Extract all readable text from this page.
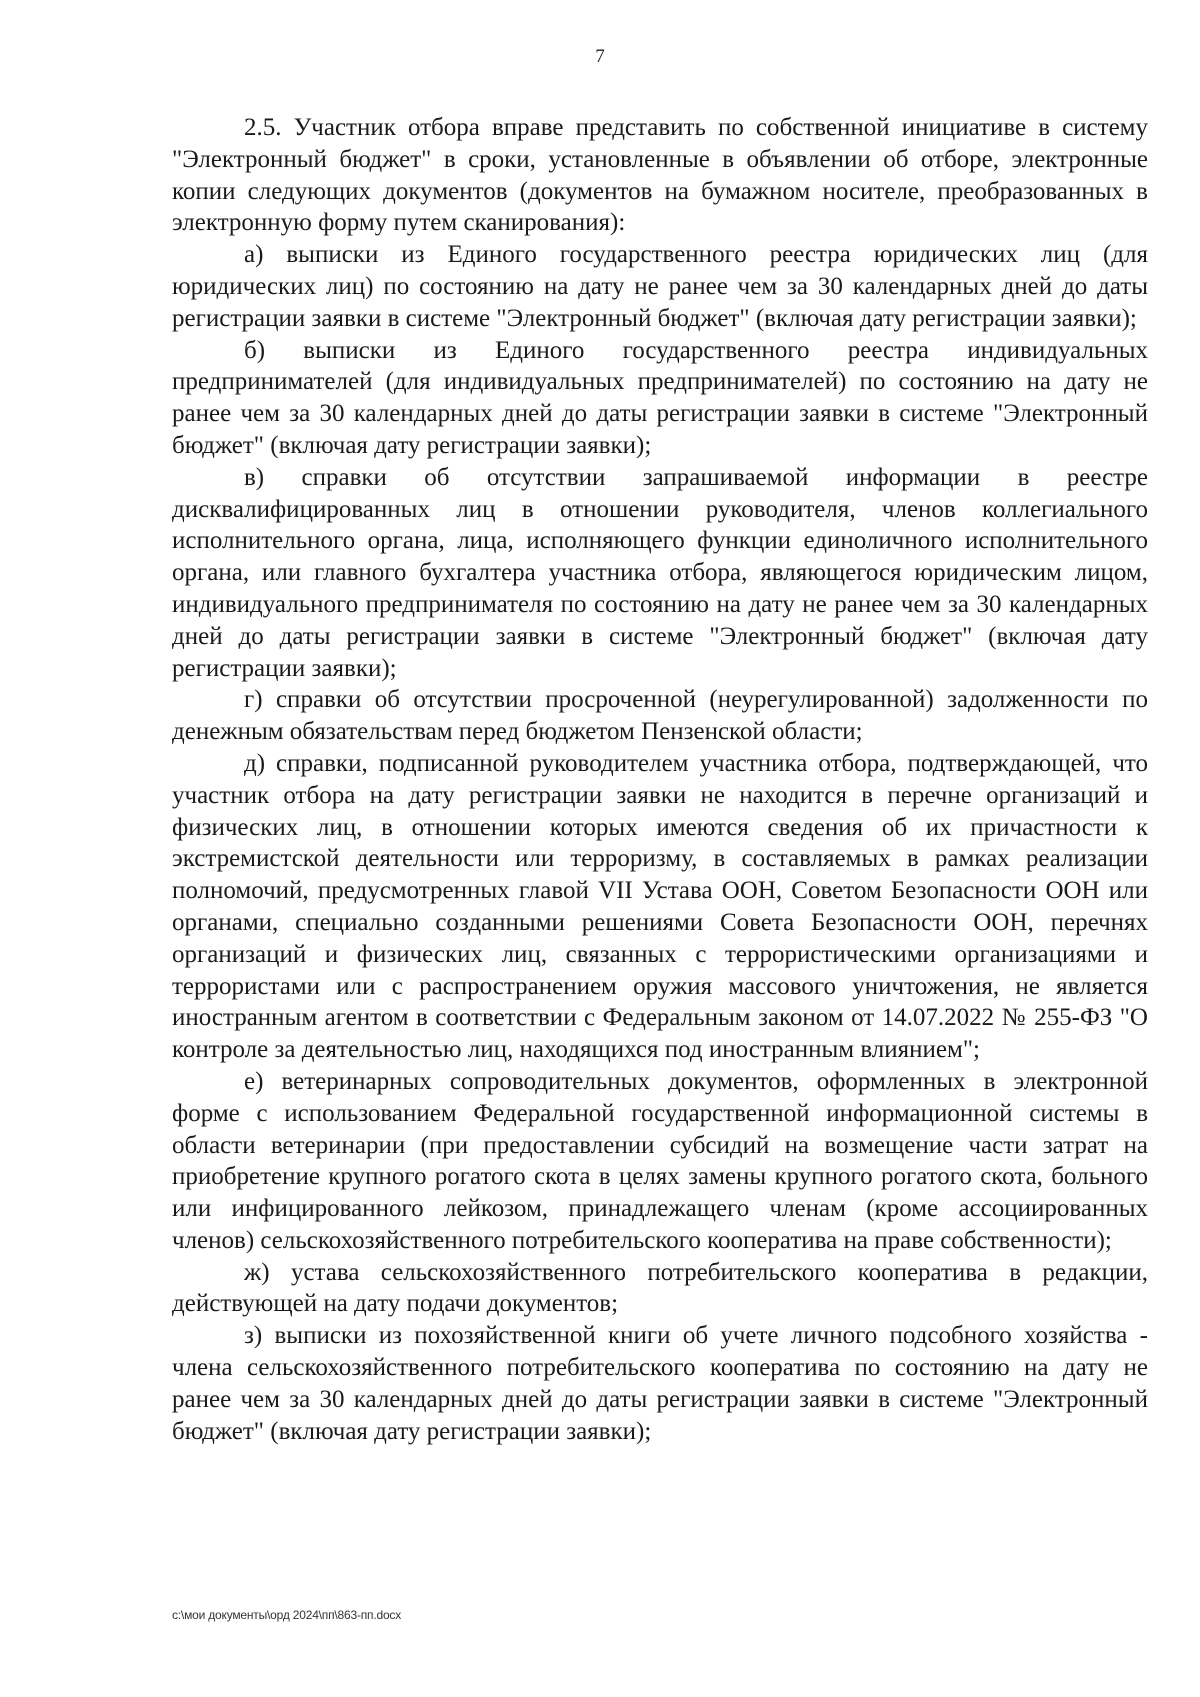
7

2.5. Участник отбора вправе представить по собственной инициативе в систему "Электронный бюджет" в сроки, установленные в объявлении об отборе, электронные копии следующих документов (документов на бумажном носителе, преобразованных в электронную форму путем сканирования):

а) выписки из Единого государственного реестра юридических лиц (для юридических лиц) по состоянию на дату не ранее чем за 30 календарных дней до даты регистрации заявки в системе "Электронный бюджет" (включая дату регистрации заявки);

б) выписки из Единого государственного реестра индивидуальных предпринимателей (для индивидуальных предпринимателей) по состоянию на дату не ранее чем за 30 календарных дней до даты регистрации заявки в системе "Электронный бюджет" (включая дату регистрации заявки);

в) справки об отсутствии запрашиваемой информации в реестре дисквалифицированных лиц в отношении руководителя, членов коллегиального исполнительного органа, лица, исполняющего функции единоличного исполнительного органа, или главного бухгалтера участника отбора, являющегося юридическим лицом, индивидуального предпринимателя по состоянию на дату не ранее чем за 30 календарных дней до даты регистрации заявки в системе "Электронный бюджет" (включая дату регистрации заявки);

г) справки об отсутствии просроченной (неурегулированной) задолженности по денежным обязательствам перед бюджетом Пензенской области;

д) справки, подписанной руководителем участника отбора, подтверждающей, что участник отбора на дату регистрации заявки не находится в перечне организаций и физических лиц, в отношении которых имеются сведения об их причастности к экстремистской деятельности или терроризму, в составляемых в рамках реализации полномочий, предусмотренных главой VII Устава ООН, Советом Безопасности ООН или органами, специально созданными решениями Совета Безопасности ООН, перечнях организаций и физических лиц, связанных с террористическими организациями и террористами или с распространением оружия массового уничтожения, не является иностранным агентом в соответствии с Федеральным законом от 14.07.2022 № 255-ФЗ "О контроле за деятельностью лиц, находящихся под иностранным влиянием";

е) ветеринарных сопроводительных документов, оформленных в электронной форме с использованием Федеральной государственной информационной системы в области ветеринарии (при предоставлении субсидий на возмещение части затрат на приобретение крупного рогатого скота в целях замены крупного рогатого скота, больного или инфицированного лейкозом, принадлежащего членам (кроме ассоциированных членов) сельскохозяйственного потребительского кооператива на праве собственности);

ж) устава сельскохозяйственного потребительского кооператива в редакции, действующей на дату подачи документов;

з) выписки из похозяйственной книги об учете личного подсобного хозяйства - члена сельскохозяйственного потребительского кооператива по состоянию на дату не ранее чем за 30 календарных дней до даты регистрации заявки в системе "Электронный бюджет" (включая дату регистрации заявки);

c:\мои документы\орд 2024\пп\863-пп.docx
